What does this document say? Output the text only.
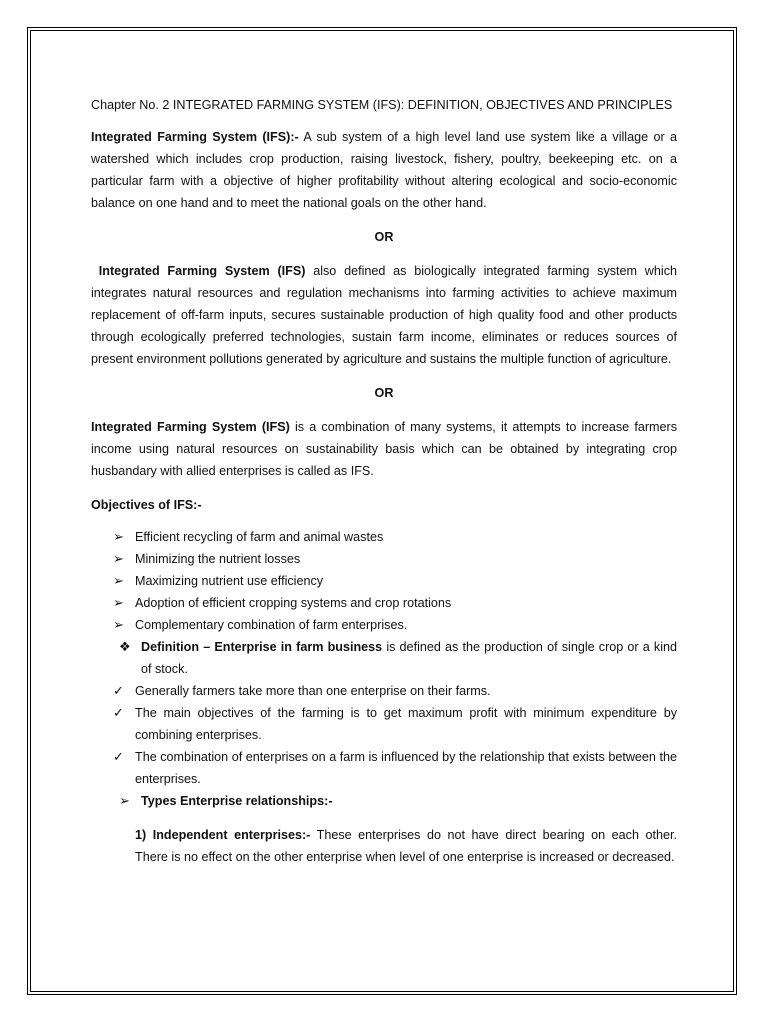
Chapter No. 2 INTEGRATED FARMING SYSTEM (IFS): DEFINITION, OBJECTIVES AND PRINCIPLES

Integrated Farming System (IFS):- A sub system of a high level land use system like a village or a watershed which includes crop production, raising livestock, fishery, poultry, beekeeping etc. on a particular farm with a objective of higher profitability without altering ecological and socio-economic balance on one hand and to meet the national goals on the other hand.

OR

Integrated Farming System (IFS) also defined as biologically integrated farming system which integrates natural resources and regulation mechanisms into farming activities to achieve maximum replacement of off-farm inputs, secures sustainable production of high quality food and other products through ecologically preferred technologies, sustain farm income, eliminates or reduces sources of present environment pollutions generated by agriculture and sustains the multiple function of agriculture.

OR

Integrated Farming System (IFS) is a combination of many systems, it attempts to increase farmers income using natural resources on sustainability basis which can be obtained by integrating crop husbandary with allied enterprises is called as IFS.

Objectives of IFS:-

➢ Efficient recycling of farm and animal wastes
➢ Minimizing the nutrient losses
➢ Maximizing nutrient use efficiency
➢ Adoption of efficient cropping systems and crop rotations
➢ Complementary combination of farm enterprises.

❖ Definition – Enterprise in farm business is defined as the production of single crop or a kind of stock.

✓ Generally farmers take more than one enterprise on their farms.

✓ The main objectives of the farming is to get maximum profit with minimum expenditure by combining enterprises.

✓ The combination of enterprises on a farm is influenced by the relationship that exists between the enterprises.

➢ Types Enterprise relationships:-

1) Independent enterprises:- These enterprises do not have direct bearing on each other. There is no effect on the other enterprise when level of one enterprise is increased or decreased.
